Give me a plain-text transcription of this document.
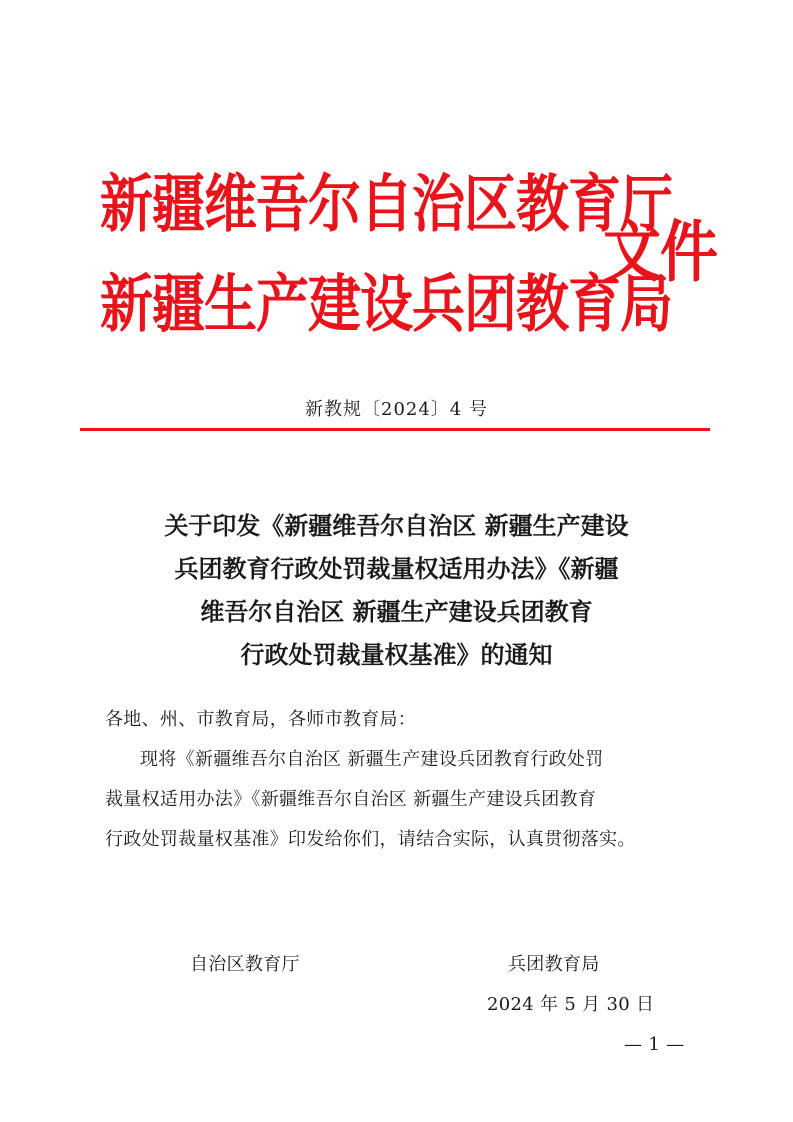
新疆维吾尔自治区教育厅
新疆生产建设兵团教育局
文件
新教规〔2024〕4 号
关于印发《新疆维吾尔自治区 新疆生产建设
兵团教育行政处罚裁量权适用办法》《新疆
维吾尔自治区 新疆生产建设兵团教育
行政处罚裁量权基准》的通知
各地、州、市教育局，各师市教育局：
现将《新疆维吾尔自治区 新疆生产建设兵团教育行政处罚
裁量权适用办法》《新疆维吾尔自治区 新疆生产建设兵团教育
行政处罚裁量权基准》印发给你们，请结合实际，认真贯彻落实。
自治区教育厅	兵团教育局
2024 年 5 月 30 日
— 1 —
